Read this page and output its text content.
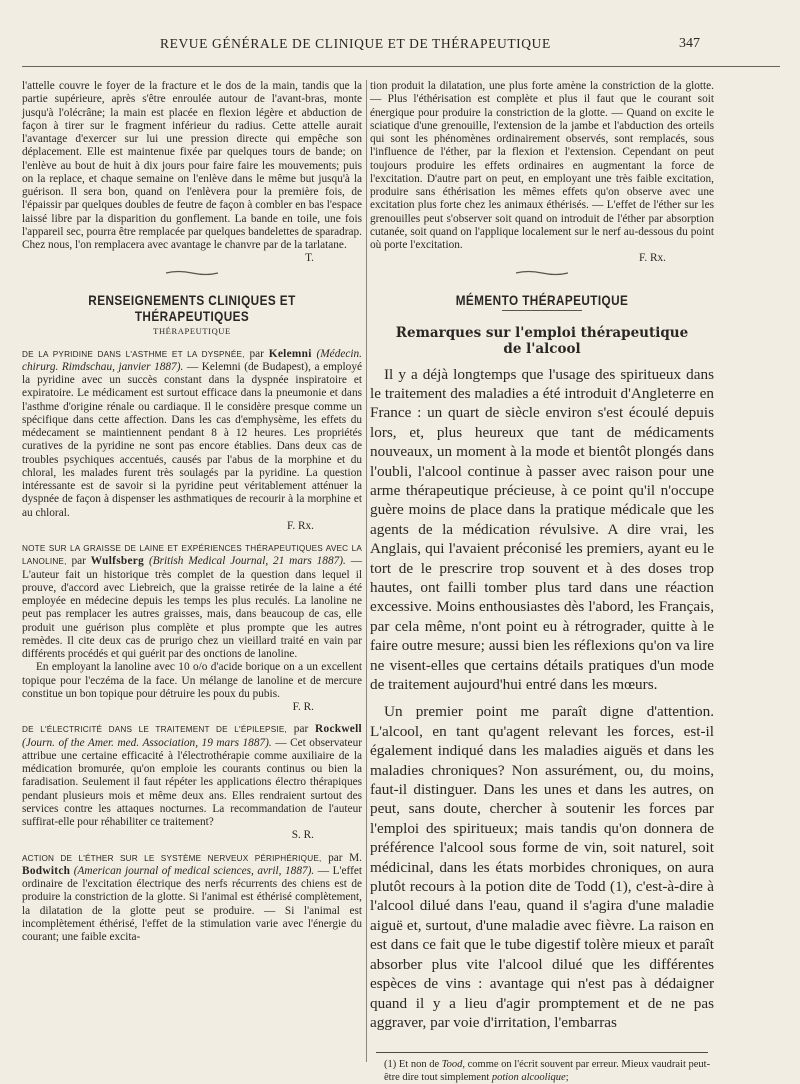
REVUE GÉNÉRALE DE CLINIQUE ET DE THÉRAPEUTIQUE	347

l'attelle couvre le foyer de la fracture et le dos de la main, tandis que la partie supérieure, après s'être enroulée autour de l'avant-bras, monte jusqu'à l'olécrâne; la main est placée en flexion légère et abduction de façon à tirer sur le fragment inférieur du radius. Cette attelle aurait l'avantage d'exercer sur lui une pression directe qui empêche son déplacement. Elle est maintenue fixée par quelques tours de bande; on l'enlève au bout de huit à dix jours pour faire faire les mouvements; puis on la replace, et chaque semaine on l'enlève dans le même but jusqu'à la guérison. Il sera bon, quand on l'enlèvera pour la première fois, de l'épaissir par quelques doubles de feutre de façon à combler en bas l'espace laissé libre par la disparition du gonflement. La bande en toile, une fois l'appareil sec, pourra être remplacée par quelques bandelettes de sparadrap. Chez nous, l'on remplacera avec avantage le chanvre par de la tarlatane.

T.

RENSEIGNEMENTS CLINIQUES ET THÉRAPEUTIQUES
THÉRAPEUTIQUE

DE LA PYRIDINE DANS L'ASTHME ET LA DYSPNÉE, par Kelemni (Médecin. chirurg. Rimdschau, janvier 1887). — Kelemni (de Budapest), a employé la pyridine avec un succès constant dans la dyspnée inspiratoire et expiratoire. Le médicament est surtout efficace dans la pneumonie et dans l'asthme d'origine rénale ou cardiaque. Il le considère presque comme un spécifique dans cette affection. Dans les cas d'emphysème, les effets du médecament se maintiennent pendant 8 à 12 heures. Les propriétés curatives de la pyridine ne sont pas encore établies. Dans deux cas de troubles psychiques accentués, causés par l'abus de la morphine et du chloral, les malades furent très soulagés par la pyridine. La question intéressante est de savoir si la pyridine peut véritablement atténuer la dyspnée de façon à dispenser les asthmatiques de recourir à la morphine et au chloral.

F. Rx.

NOTE SUR LA GRAISSE DE LAINE ET EXPÉRIENCES THÉRAPEUTIQUES AVEC LA LANOLINE, par Wulfsberg (British Medical Journal, 21 mars 1887). — L'auteur fait un historique très complet de la question dans lequel il prouve, d'accord avec Liebreich, que la graisse retirée de la laine a été employée en médecine depuis les temps les plus reculés. La lanoline ne peut pas remplacer les autres graisses, mais, dans beaucoup de cas, elle produit une guérison plus complète et plus prompte que les autres remèdes. Il cite deux cas de prurigo chez un vieillard traité en vain par différents procédés et qui guérit par des onctions de lanoline.

En employant la lanoline avec 10 o/o d'acide borique on a un excellent topique pour l'eczéma de la face. Un mélange de lanoline et de mercure constitue un bon topique pour détruire les poux du pubis.

F. R.

DE L'ÉLECTRICITÉ DANS LE TRAITEMENT DE L'ÉPILEPSIE, par Rockwell (Journ. of the Amer. med. Association, 19 mars 1887). — Cet observateur attribue une certaine efficacité à l'électrothérapie comme auxiliaire de la médication bromurée, qu'on emploie les courants continus ou bien la faradisation. Seulement il faut répéter les applications électro thérapiques pendant plusieurs mois et même deux ans. Elles rendraient surtout des services contre les attaques nocturnes. La recommandation de l'auteur suffirat-elle pour réhabiliter ce traitement?

S. R.

ACTION DE L'ÉTHER SUR LE SYSTÈME NERVEUX PÉRIPHÉRIQUE, par M. Bodwitch (American journal of medical sciences, avril, 1887). — L'effet ordinaire de l'excitation électrique des nerfs récurrents des chiens est de produire la constriction de la glotte. Si l'animal est éthérisé complètement, la dilatation de la glotte peut se produire. — Si l'animal est incomplètement éthérisé, l'effet de la stimulation varie avec l'énergie du courant; une faible excita-

tion produit la dilatation, une plus forte amène la constriction de la glotte. — Plus l'éthérisation est complète et plus il faut que le courant soit énergique pour produire la constriction de la glotte. — Quand on excite le sciatique d'une grenouille, l'extension de la jambe et l'abduction des orteils qui sont les phénomènes ordinairement observés, sont remplacés, sous l'influence de l'éther, par la flexion et l'extension. Cependant on peut toujours produire les effets ordinaires en augmentant la force de l'excitation. D'autre part on peut, en employant une très faible excitation, produire sans éthérisation les mêmes effets qu'on observe avec une excitation plus forte chez les animaux éthérisés. — L'effet de l'éther sur les grenouilles peut s'observer soit quand on introduit de l'éther par absorption cutanée, soit quand on l'applique localement sur le nerf au-dessous du point où porte l'excitation.

F. Rx.

MÉMENTO THÉRAPEUTIQUE
Remarques sur l'emploi thérapeutique
de l'alcool

Il y a déjà longtemps que l'usage des spiritueux dans le traitement des maladies a été introduit d'Angleterre en France : un quart de siècle environ s'est écoulé depuis lors, et, plus heureux que tant de médicaments nouveaux, un moment à la mode et bientôt plongés dans l'oubli, l'alcool continue à passer avec raison pour une arme thérapeutique précieuse, à ce point qu'il n'occupe guère moins de place dans la pratique médicale que les agents de la médication révulsive. A dire vrai, les Anglais, qui l'avaient préconisé les premiers, ayant eu le tort de le prescrire trop souvent et à des doses trop hautes, ont failli tomber plus tard dans une réaction excessive. Moins enthousiastes dès l'abord, les Français, par cela même, n'ont point eu à rétrograder, quitte à le faire outre mesure; aussi bien les réflexions qu'on va lire ne visent-elles que certains détails pratiques d'un mode de traitement aujourd'hui entré dans les mœurs.

Un premier point me paraît digne d'attention. L'alcool, en tant qu'agent relevant les forces, est-il également indiqué dans les maladies aiguës et dans les maladies chroniques? Non assurément, ou, du moins, faut-il distinguer. Dans les unes et dans les autres, on peut, sans doute, chercher à soutenir les forces par l'emploi des spiritueux; mais tandis qu'on donnera de préférence l'alcool sous forme de vin, soit naturel, soit médicinal, dans les états morbides chroniques, on aura plutôt recours à la potion dite de Todd (1), c'est-à-dire à l'alcool dilué dans l'eau, quand il s'agira d'une maladie aiguë et, surtout, d'une maladie avec fièvre. La raison en est dans ce fait que le tube digestif tolère mieux et paraît absorber plus vite l'alcool dilué que les différentes espèces de vins : avantage qui n'est pas à dédaigner quand il y a lieu d'agir promptement et de ne pas aggraver, par voie d'irritation, l'embarras

(1) Et non de Tood, comme on l'écrit souvent par erreur. Mieux vaudrait peut-être dire tout simplement potion alcoolique;
